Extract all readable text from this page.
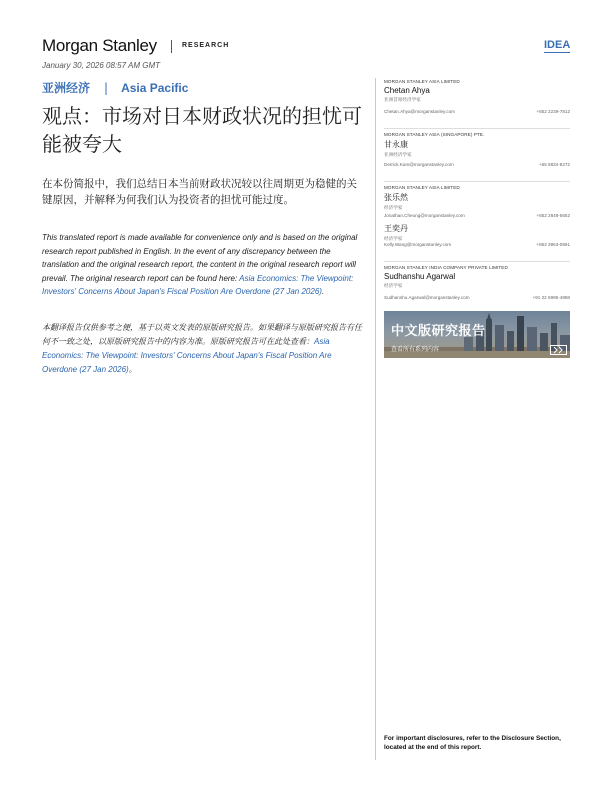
Morgan Stanley	RESEARCH	IDEA
January 30, 2026 08:57 AM GMT
亚洲经济 | Asia Pacific
观点：市场对日本财政状况的担忧可能被夸大

在本份简报中，我们总结日本当前财政状况较以往周期更为稳健的关键原因，并解释为何我们认为投资者的担忧可能过度。

This translated report is made available for convenience only and is based on the original research report published in English. In the event of any discrepancy between the translation and the original research report, the content in the original research report will prevail. The original research report can be found here: Asia Economics: The Viewpoint: Investors' Concerns About Japan's Fiscal Position Are Overdone (27 Jan 2026).

本翻译报告仅供参考之便，基于以英文发表的原版研究报告。如果翻译与原版研究报告有任何不一致之处，以原版研究报告中的内容为准。原版研究报告可在此处查看：Asia Economics: The Viewpoint: Investors' Concerns About Japan's Fiscal Position Are Overdone (27 Jan 2026)。

MORGAN STANLEY ASIA LIMITED
Chetan Ahya
亚洲首席经济学家
Chetan.Ahya@morganstanley.com	+852 2239-7812
MORGAN STANLEY ASIA (SINGAPORE) PTE.
甘永康
亚洲经济学家
Derrick.Kam@morganstanley.com	+65 6834-8272
MORGAN STANLEY ASIA LIMITED
张乐然
经济学家
Jonathan.Cheung@morganstanley.com	+852 2848-5652
王奕丹
经济学家
Kelly.Wang@morganstanley.com	+852 3963-0891
MORGAN STANLEY INDIA COMPANY PRIVATE LIMITED
Sudhanshu Agarwal
经济学家
Sudhanshu.Agarwal@morganstanley.com	+91 22 6995-4958
中文版研究报告
查看所有系列内容
For important disclosures, refer to the Disclosure Section, located at the end of this report.
